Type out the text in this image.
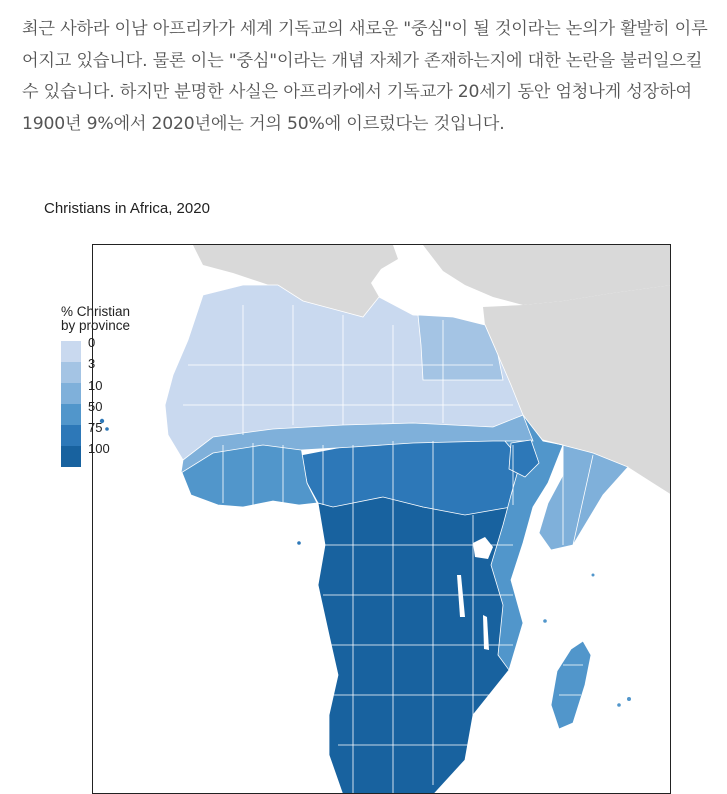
최근 사하라 이남 아프리카가 세계 기독교의 새로운 "중심"이 될 것이라는 논의가 활발히 이루어지고 있습니다. 물론 이는 "중심"이라는 개념 자체가 존재하는지에 대한 논란을 불러일으킬 수 있습니다. 하지만 분명한 사실은 아프리카에서 기독교가 20세기 동안 엄청나게 성장하여 1900년 9%에서 2020년에는 거의 50%에 이르렀다는 것입니다.

Christians in Africa, 2020
% Christian
by province
0
3
10
50
75
100
